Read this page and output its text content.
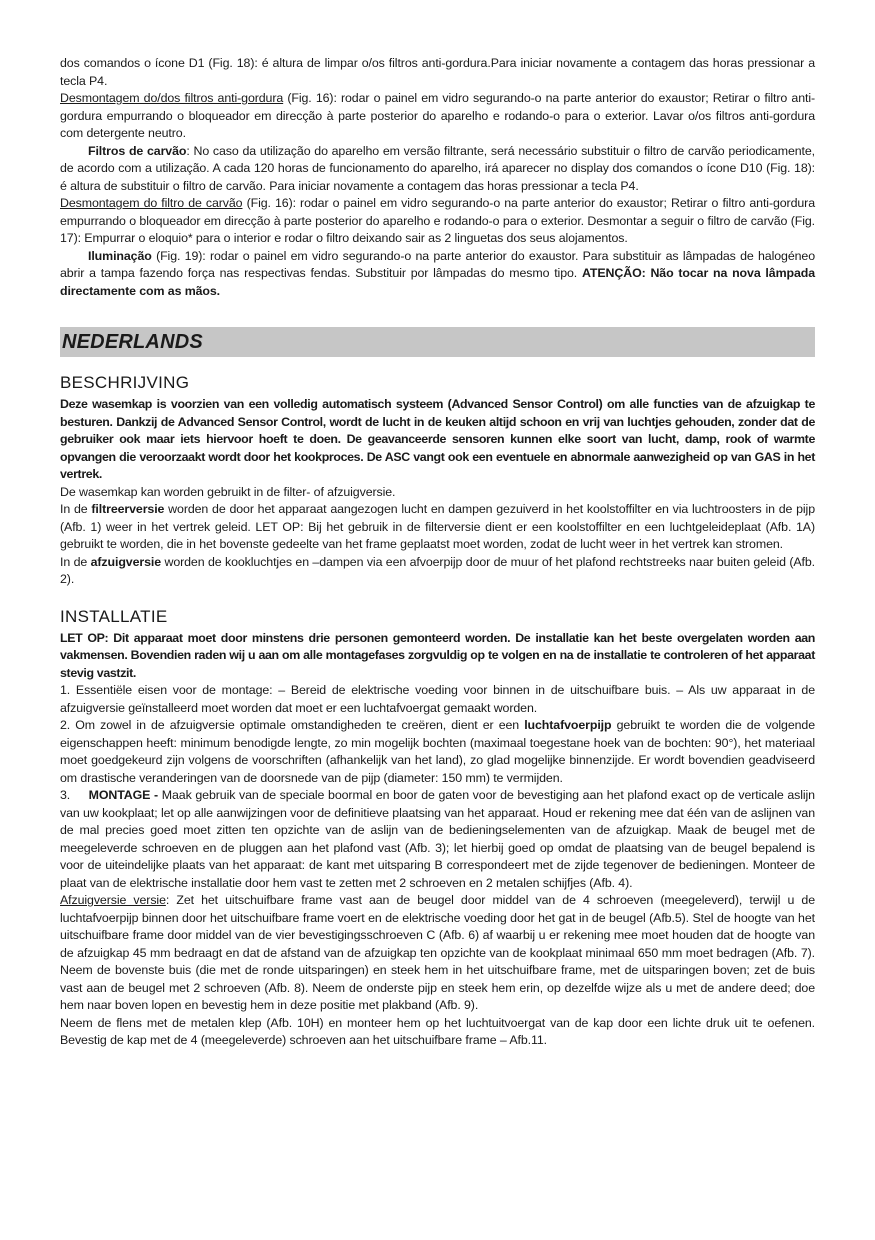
dos comandos o ícone D1 (Fig. 18): é altura de limpar o/os filtros anti-gordura.Para iniciar novamente a contagem das horas pressionar a tecla P4.

Desmontagem do/dos filtros anti-gordura (Fig. 16): rodar o painel em vidro segurando-o na parte anterior do exaustor; Retirar o filtro anti-gordura empurrando o bloqueador em direcção à parte posterior do aparelho e rodando-o para o exterior. Lavar o/os filtros anti-gordura com detergente neutro.

Filtros de carvão: No caso da utilização do aparelho em versão filtrante, será necessário substituir o filtro de carvão periodicamente, de acordo com a utilização. A cada 120 horas de funcionamento do aparelho, irá aparecer no display dos comandos o ícone D10 (Fig. 18): é altura de substituir o filtro de carvão. Para iniciar novamente a contagem das horas pressionar a tecla P4.

Desmontagem do filtro de carvão (Fig. 16): rodar o painel em vidro segurando-o na parte anterior do exaustor; Retirar o filtro anti-gordura empurrando o bloqueador em direcção à parte posterior do aparelho e rodando-o para o exterior. Desmontar a seguir o filtro de carvão (Fig. 17): Empurrar o eloquio* para o interior e rodar o filtro deixando sair as 2 linguetas dos seus alojamentos.

Iluminação (Fig. 19): rodar o painel em vidro segurando-o na parte anterior do exaustor. Para substituir as lâmpadas de halogéneo abrir a tampa fazendo força nas respectivas fendas. Substituir por lâmpadas do mesmo tipo. ATENÇÃO: Não tocar na nova lâmpada directamente com as mãos.

NEDERLANDS
BESCHRIJVING

Deze wasemkap is voorzien van een volledig automatisch systeem (Advanced Sensor Control) om alle functies van de afzuigkap te besturen. Dankzij de Advanced Sensor Control, wordt de lucht in de keuken altijd schoon en vrij van luchtjes gehouden, zonder dat de gebruiker ook maar iets hiervoor hoeft te doen. De geavanceerde sensoren kunnen elke soort van lucht, damp, rook of warmte opvangen die veroorzaakt wordt door het kookproces. De ASC vangt ook een eventuele en abnormale aanwezigheid op van GAS in het vertrek.

De wasemkap kan worden gebruikt in de filter- of afzuigversie.

In de filtreerversie worden de door het apparaat aangezogen lucht en dampen gezuiverd in het koolstoffilter en via luchtroosters in de pijp (Afb. 1) weer in het vertrek geleid. LET OP: Bij het gebruik in de filterversie dient er een koolstoffilter en een luchtgeleideplaat (Afb. 1A) gebruikt te worden, die in het bovenste gedeelte van het frame geplaatst moet worden, zodat de lucht weer in het vertrek kan stromen.

In de afzuigversie worden de kookluchtjes en –dampen via een afvoerpijp door de muur of het plafond rechtstreeks naar buiten geleid (Afb. 2).

INSTALLATIE

LET OP: Dit apparaat moet door minstens drie personen gemonteerd worden. De installatie kan het beste overgelaten worden aan vakmensen. Bovendien raden wij u aan om alle montagefases zorgvuldig op te volgen en na de installatie te controleren of het apparaat stevig vastzit.

1. Essentiële eisen voor de montage: – Bereid de elektrische voeding voor binnen in de uitschuifbare buis. – Als uw apparaat in de afzuigversie geïnstalleerd moet worden dat moet er een luchtafvoergat gemaakt worden.

2. Om zowel in de afzuigversie optimale omstandigheden te creëren, dient er een luchtafvoerpijp gebruikt te worden die de volgende eigenschappen heeft: minimum benodigde lengte, zo min mogelijk bochten (maximaal toegestane hoek van de bochten: 90°), het materiaal moet goedgekeurd zijn volgens de voorschriften (afhankelijk van het land), zo glad mogelijke binnenzijde. Er wordt bovendien geadviseerd om drastische veranderingen van de doorsnede van de pijp (diameter: 150 mm) te vermijden.

3.     MONTAGE - Maak gebruik van de speciale boormal en boor de gaten voor de bevestiging aan het plafond exact op de verticale aslijn van uw kookplaat; let op alle aanwijzingen voor de definitieve plaatsing van het apparaat. Houd er rekening mee dat één van de aslijnen van de mal precies goed moet zitten ten opzichte van de aslijn van de bedieningselementen van de afzuigkap. Maak de beugel met de meegeleverde schroeven en de pluggen aan het plafond vast (Afb. 3); let hierbij goed op omdat de plaatsing van de beugel bepalend is voor de uiteindelijke plaats van het apparaat: de kant met uitsparing B correspondeert met de zijde tegenover de bedieningen. Monteer de plaat van de elektrische installatie door hem vast te zetten met 2 schroeven en 2 metalen schijfjes (Afb. 4).

Afzuigversie versie: Zet het uitschuifbare frame vast aan de beugel door middel van de 4 schroeven (meegeleverd), terwijl u de luchtafvoerpijp binnen door het uitschuifbare frame voert en de elektrische voeding door het gat in de beugel (Afb.5). Stel de hoogte van het uitschuifbare frame door middel van de vier bevestigingsschroeven C (Afb. 6) af waarbij u er rekening mee moet houden dat de hoogte van de afzuigkap 45 mm bedraagt en dat de afstand van de afzuigkap ten opzichte van de kookplaat minimaal 650 mm moet bedragen (Afb. 7). Neem de bovenste buis (die met de ronde uitsparingen) en steek hem in het uitschuifbare frame, met de uitsparingen boven; zet de buis vast aan de beugel met 2 schroeven (Afb. 8). Neem de onderste pijp en steek hem erin, op dezelfde wijze als u met de andere deed; doe hem naar boven lopen en bevestig hem in deze positie met plakband (Afb. 9).

Neem de flens met de metalen klep (Afb. 10H) en monteer hem op het luchtuitvoergat van de kap door een lichte druk uit te oefenen. Bevestig de kap met de 4 (meegeleverde) schroeven aan het uitschuifbare frame – Afb.11.
